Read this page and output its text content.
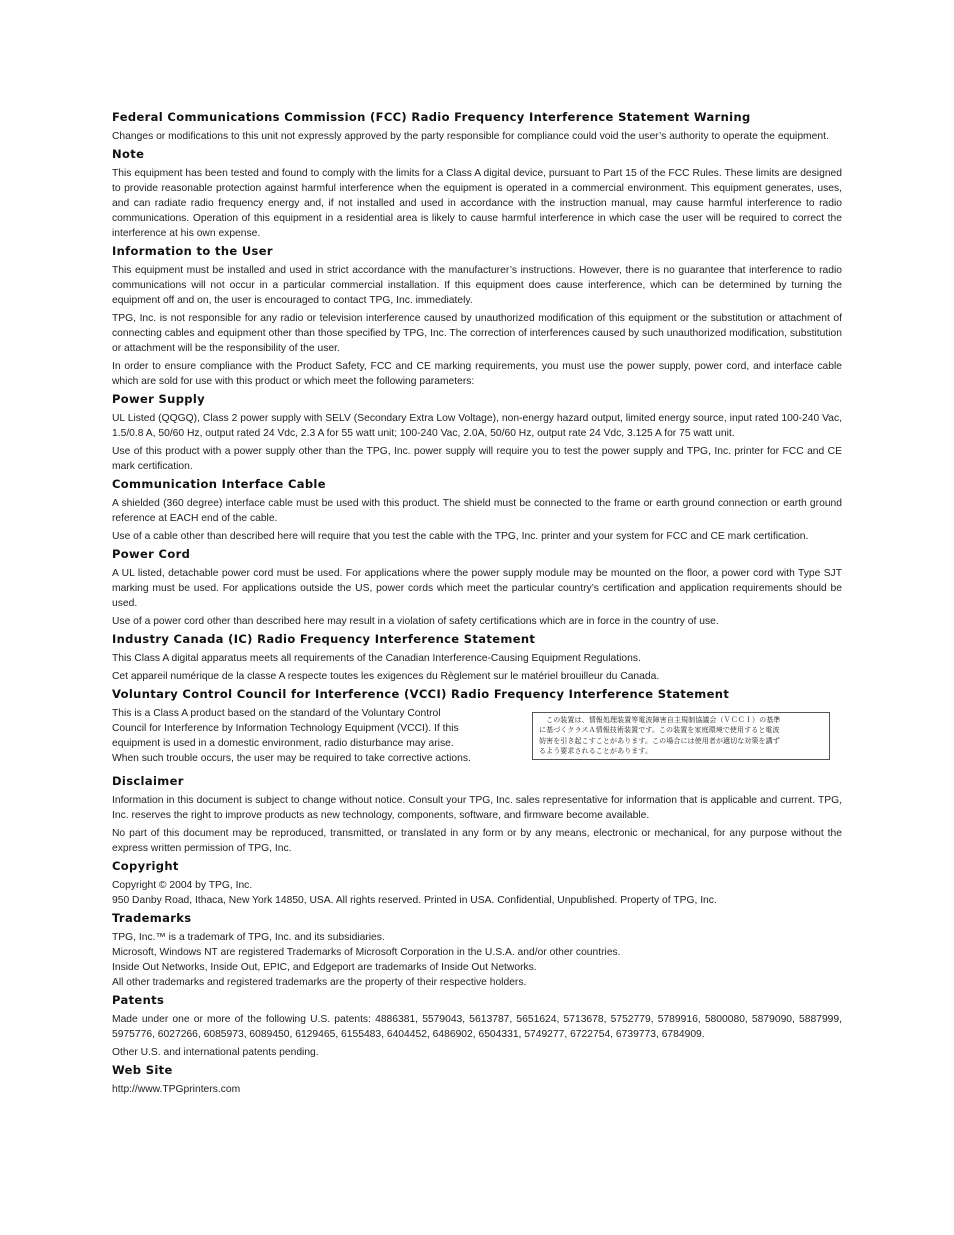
Federal Communications Commission (FCC) Radio Frequency Interference Statement Warning

Changes or modifications to this unit not expressly approved by the party responsible for compliance could void the user’s authority to operate the equipment.

Note

This equipment has been tested and found to comply with the limits for a Class A digital device, pursuant to Part 15 of the FCC Rules. These limits are designed to provide reasonable protection against harmful interference when the equipment is operated in a commercial environment. This equipment generates, uses, and can radiate radio frequency energy and, if not installed and used in accordance with the instruction manual, may cause harmful interference to radio communications. Operation of this equipment in a residential area is likely to cause harmful interference in which case the user will be required to correct the interference at his own expense.

Information to the User

This equipment must be installed and used in strict accordance with the manufacturer’s instructions. However, there is no guarantee that interference to radio communications will not occur in a particular commercial installation. If this equipment does cause interference, which can be determined by turning the equipment off and on, the user is encouraged to contact TPG, Inc. immediately.

TPG, Inc. is not responsible for any radio or television interference caused by unauthorized modification of this equipment or the substitution or attachment of connecting cables and equipment other than those specified by TPG, Inc. The correction of interferences caused by such unauthorized modification, substitution or attachment will be the responsibility of the user.

In order to ensure compliance with the Product Safety, FCC and CE marking requirements, you must use the power supply, power cord, and interface cable which are sold for use with this product or which meet the following parameters:

Power Supply

UL Listed (QQGQ), Class 2 power supply with SELV (Secondary Extra Low Voltage), non-energy hazard output, limited energy source, input rated 100-240 Vac, 1.5/0.8 A, 50/60 Hz, output rated 24 Vdc, 2.3 A for 55 watt unit; 100-240 Vac, 2.0A, 50/60 Hz, output rate 24 Vdc, 3.125 A for 75 watt unit.

Use of this product with a power supply other than the TPG, Inc. power supply will require you to test the power supply and TPG, Inc. printer for FCC and CE mark certification.

Communication Interface Cable

A shielded (360 degree) interface cable must be used with this product. The shield must be connected to the frame or earth ground connection or earth ground reference at EACH end of the cable.

Use of a cable other than described here will require that you test the cable with the TPG, Inc. printer and your system for FCC and CE mark certification.

Power Cord

A UL listed, detachable power cord must be used. For applications where the power supply module may be mounted on the floor, a power cord with Type SJT marking must be used. For applications outside the US, power cords which meet the particular country’s certification and application requirements should be used.

Use of a power cord other than described here may result in a violation of safety certifications which are in force in the country of use.

Industry Canada (IC) Radio Frequency Interference Statement

This Class A digital apparatus meets all requirements of the Canadian Interference-Causing Equipment Regulations.

Cet appareil numérique de la classe A respecte toutes les exigences du Règlement sur le matériel brouilleur du Canada.

Voluntary Control Council for Interference (VCCI) Radio Frequency Interference Statement

This is a Class A product based on the standard of the Voluntary Control
Council for Interference by Information Technology Equipment (VCCI). If this
equipment is used in a domestic environment, radio disturbance may arise.
When such trouble occurs, the user may be required to take corrective actions.

　この装置は、情報処理装置等電波障害自主規制協議会（ＶＣＣＩ）の基準
に基づくクラスＡ情報技術装置です。この装置を家庭環境で使用すると電波
妨害を引き起こすことがあります。この場合には使用者が適切な対策を講ず
るよう要求されることがあります。
Disclaimer

Information in this document is subject to change without notice. Consult your TPG, Inc. sales representative for information that is applicable and current. TPG, Inc. reserves the right to improve products as new technology, components, software, and firmware become available.

No part of this document may be reproduced, transmitted, or translated in any form or by any means, electronic or mechanical, for any purpose without the express written permission of TPG, Inc.

Copyright

Copyright © 2004 by TPG, Inc.
950 Danby Road, Ithaca, New York 14850, USA. All rights reserved. Printed in USA. Confidential, Unpublished. Property of TPG, Inc.

Trademarks

TPG, Inc.™ is a trademark of TPG, Inc. and its subsidiaries.
Microsoft, Windows NT are registered Trademarks of Microsoft Corporation in the U.S.A. and/or other countries.
Inside Out Networks, Inside Out, EPIC, and Edgeport are trademarks of Inside Out Networks.
All other trademarks and registered trademarks are the property of their respective holders.

Patents

Made under one or more of the following U.S. patents: 4886381, 5579043, 5613787, 5651624, 5713678, 5752779, 5789916, 5800080, 5879090, 5887999, 5975776, 6027266, 6085973, 6089450, 6129465, 6155483, 6404452, 6486902, 6504331, 5749277, 6722754, 6739773, 6784909.

Other U.S. and international patents pending.

Web Site

http://www.TPGprinters.com
